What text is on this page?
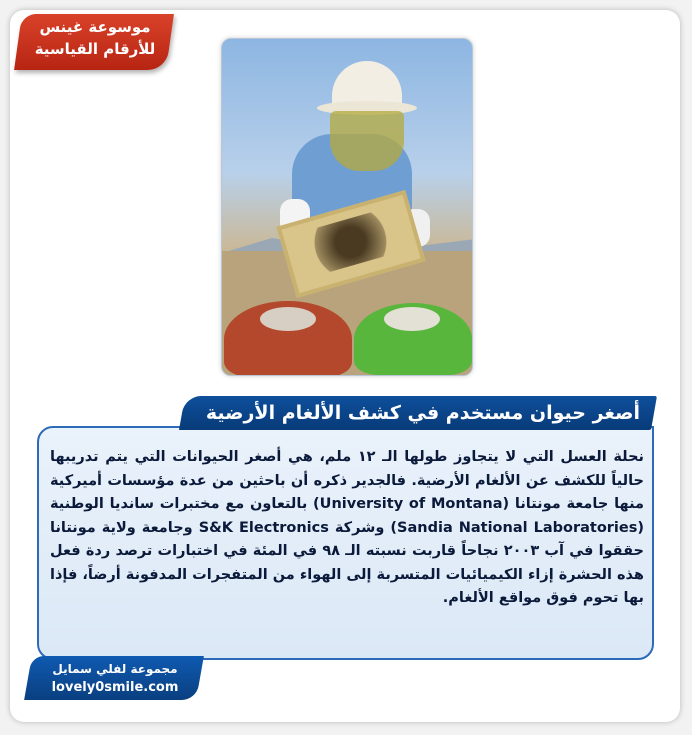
موسوعة غينس
للأرقام القياسية
أصغر حيوان مستخدم في كشف الألغام الأرضية
نحلة العسل التي لا يتجاوز طولها الـ ١٢ ملم، هي أصغر الحيوانات التي يتم تدريبها حالياً للكشف عن الألغام الأرضية. فالجدير ذكره أن باحثين من عدة مؤسسات أميركية منها جامعة مونتانا (University of Montana) بالتعاون مع مختبرات سانديا الوطنية (Sandia National Laboratories) وشركة S&K Electronics وجامعة ولاية مونتانا حققوا في آب ٢٠٠٣ نجاحاً قاربت نسبته الـ ٩٨ في المئة في اختبارات ترصد ردة فعل هذه الحشرة إزاء الكيميائيات المتسربة إلى الهواء من المتفجرات المدفونة أرضاً، فإذا بها تحوم فوق مواقع الألغام.
مجموعة لفلي سمايل
lovely0smile.com
